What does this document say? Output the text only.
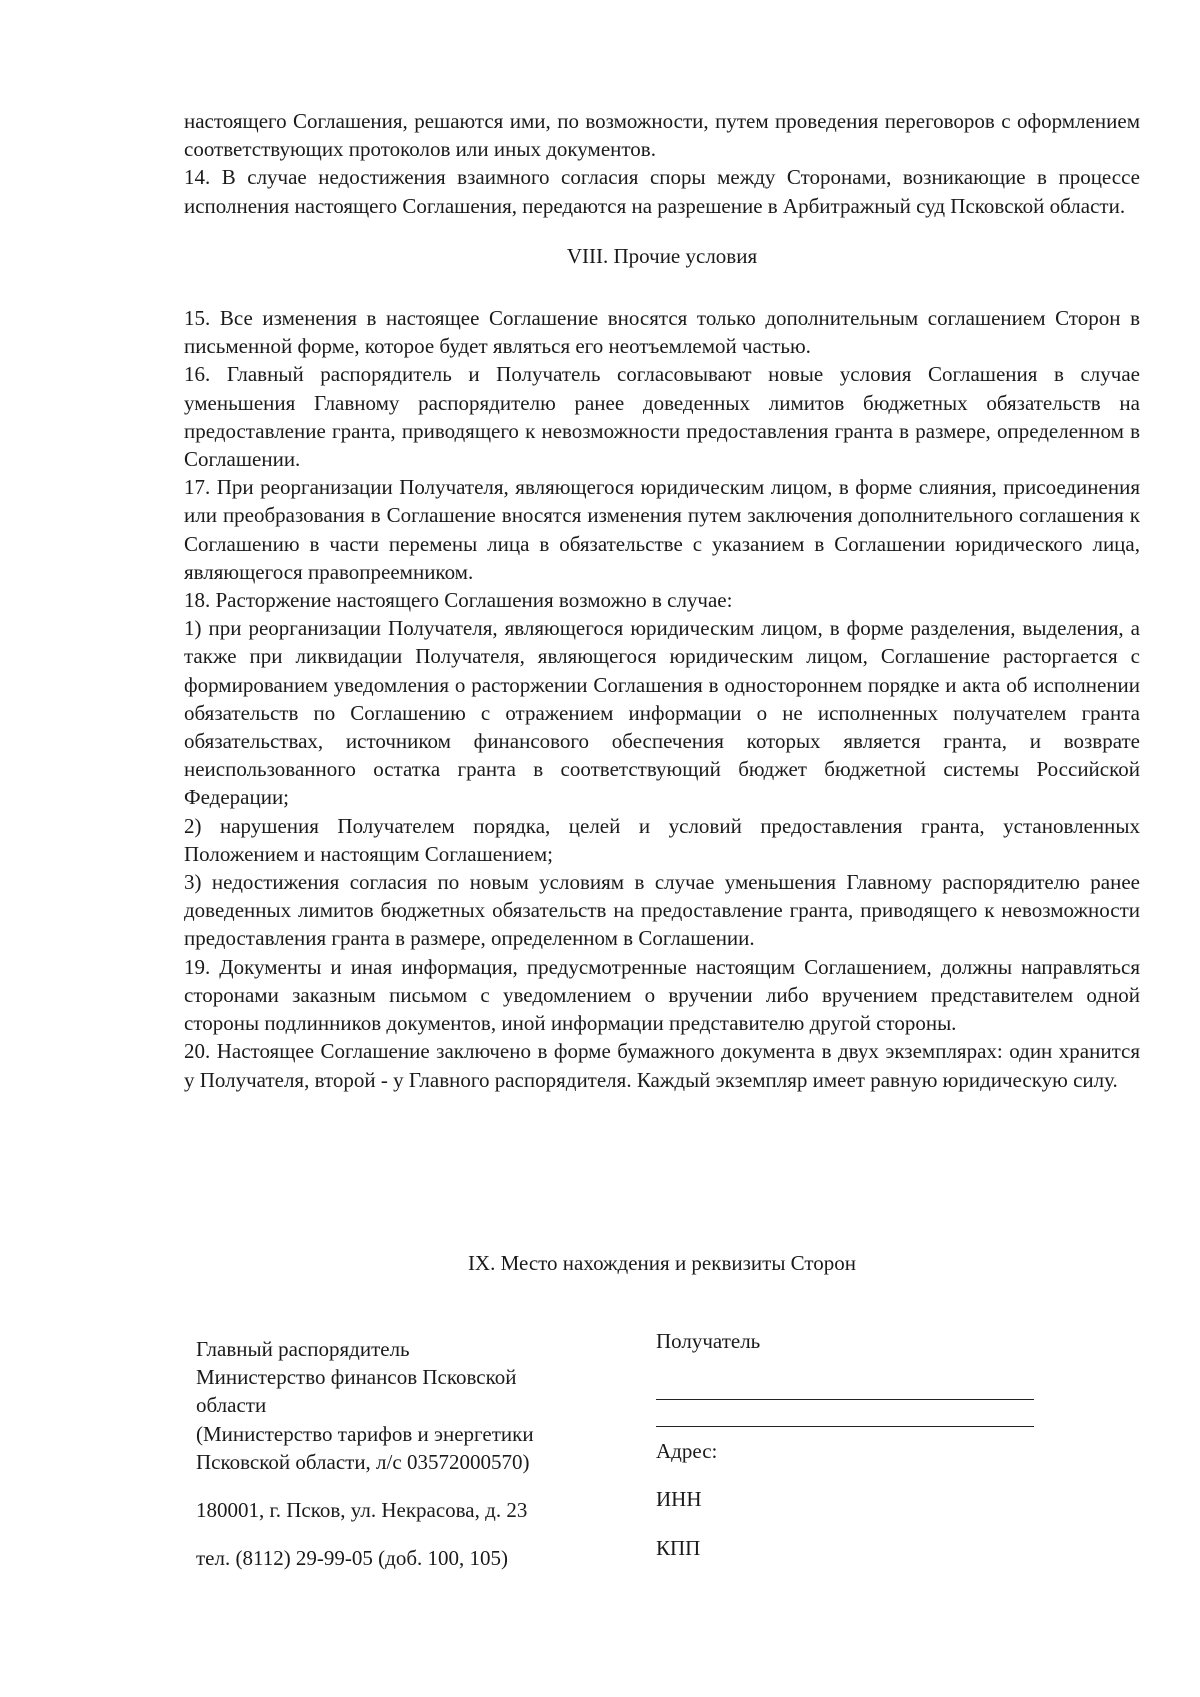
настоящего Соглашения, решаются ими, по возможности, путем проведения переговоров с оформлением соответствующих протоколов или иных документов.

14. В случае недостижения взаимного согласия споры между Сторонами, возникающие в процессе исполнения настоящего Соглашения, передаются на разрешение в Арбитражный суд Псковской области.

VIII. Прочие условия

15. Все изменения в настоящее Соглашение вносятся только дополнительным соглашением Сторон в письменной форме, которое будет являться его неотъемлемой частью.

16. Главный распорядитель и Получатель согласовывают новые условия Соглашения в случае уменьшения Главному распорядителю ранее доведенных лимитов бюджетных обязательств на предоставление гранта, приводящего к невозможности предоставления гранта в размере, определенном в Соглашении.

17. При реорганизации Получателя, являющегося юридическим лицом, в форме слияния, присоединения или преобразования в Соглашение вносятся изменения путем заключения дополнительного соглашения к Соглашению в части перемены лица в обязательстве с указанием в Соглашении юридического лица, являющегося правопреемником.

18. Расторжение настоящего Соглашения возможно в случае:

1) при реорганизации Получателя, являющегося юридическим лицом, в форме разделения, выделения, а также при ликвидации Получателя, являющегося юридическим лицом, Соглашение расторгается с формированием уведомления о расторжении Соглашения в одностороннем порядке и акта об исполнении обязательств по Соглашению с отражением информации о не исполненных получателем гранта обязательствах, источником финансового обеспечения которых является гранта, и возврате неиспользованного остатка гранта в соответствующий бюджет бюджетной системы Российской Федерации;

2) нарушения Получателем порядка, целей и условий предоставления гранта, установленных Положением и настоящим Соглашением;

3) недостижения согласия по новым условиям в случае уменьшения Главному распорядителю ранее доведенных лимитов бюджетных обязательств на предоставление гранта, приводящего к невозможности предоставления гранта в размере, определенном в Соглашении.

19. Документы и иная информация, предусмотренные настоящим Соглашением, должны направляться сторонами заказным письмом с уведомлением о вручении либо вручением представителем одной стороны подлинников документов, иной информации представителю другой стороны.

20. Настоящее Соглашение заключено в форме бумажного документа в двух экземплярах: один хранится у Получателя, второй - у Главного распорядителя. Каждый экземпляр имеет равную юридическую силу.

IX. Место нахождения и реквизиты Сторон

Главный распорядитель

Министерство финансов Псковской

области

(Министерство тарифов и энергетики

Псковской области, л/с 03572000570)

180001, г. Псков, ул. Некрасова, д. 23

тел. (8112) 29-99-05 (доб. 100, 105)

Получатель

Адрес:

ИНН

КПП
